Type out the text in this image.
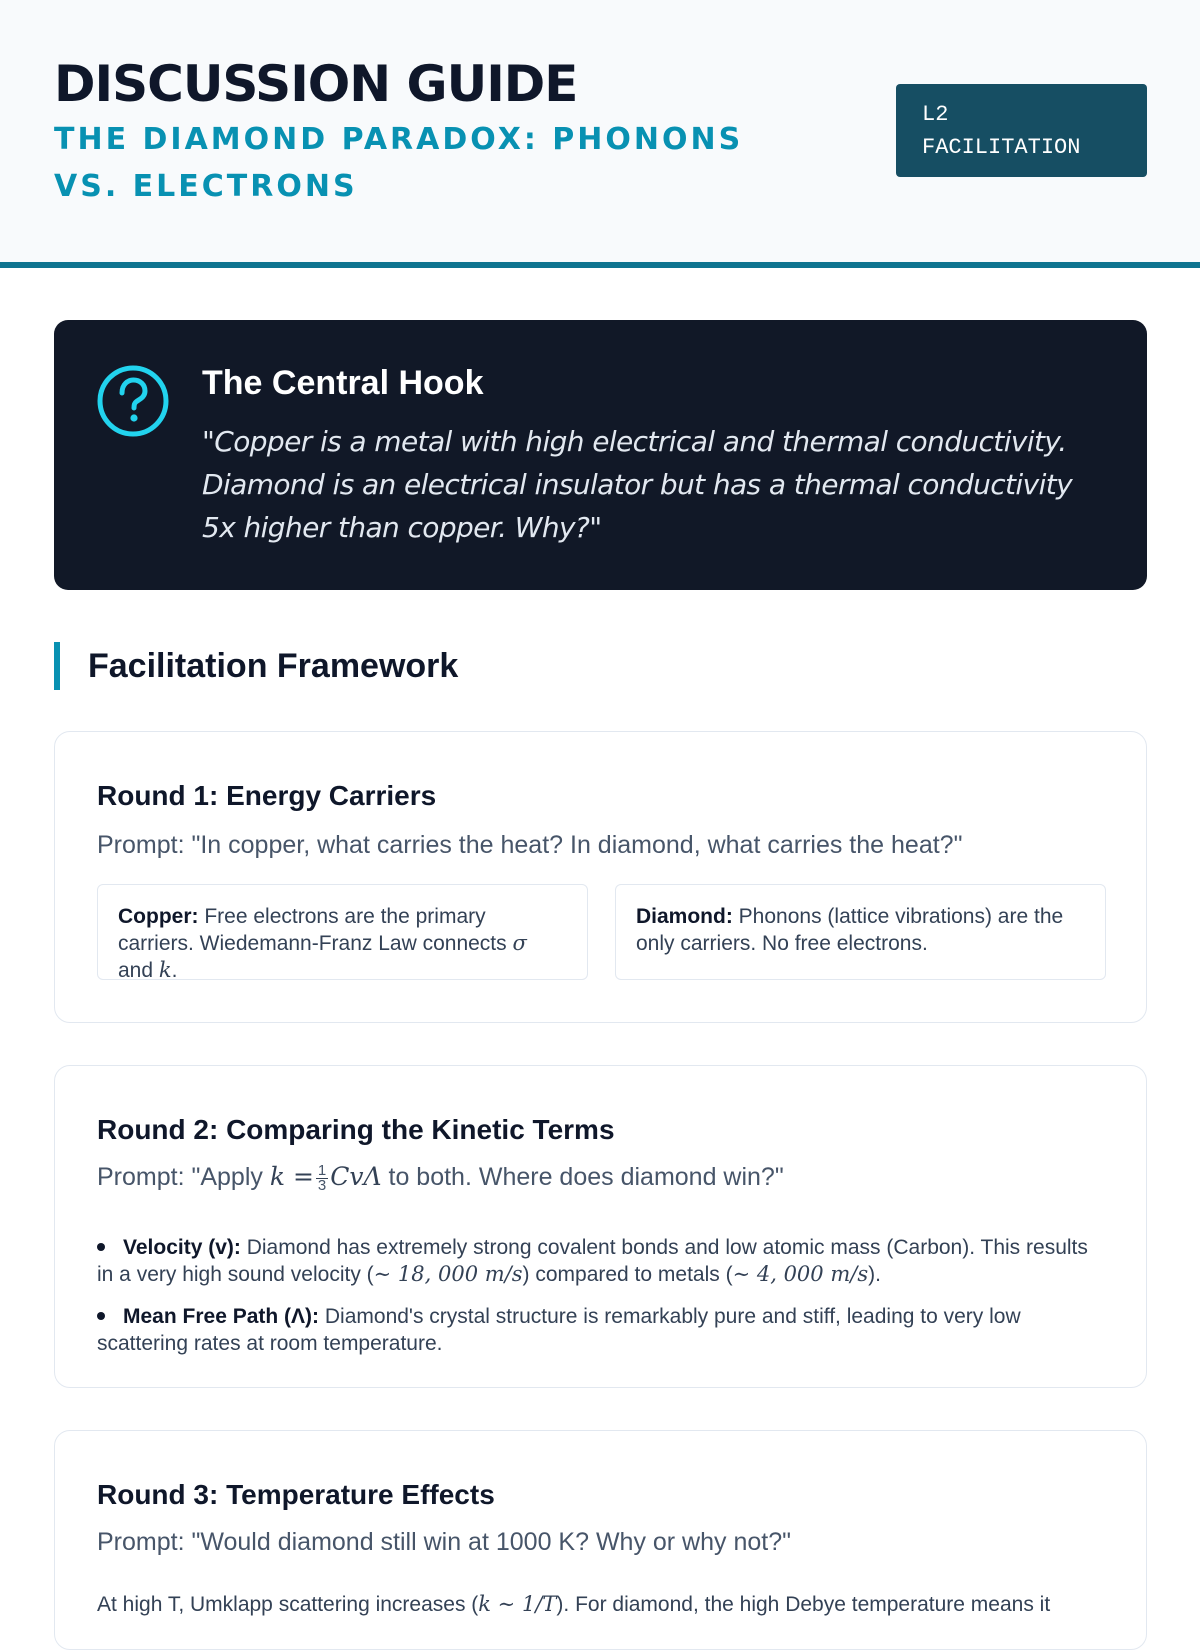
DISCUSSION GUIDE
THE DIAMOND PARADOX: PHONONS VS. ELECTRONS
L2
FACILITATION
The Central Hook
"Copper is a metal with high electrical and thermal conductivity. Diamond is an electrical insulator but has a thermal conductivity 5x higher than copper. Why?"
Facilitation Framework
Round 1: Energy Carriers
Prompt: "In copper, what carries the heat? In diamond, what carries the heat?"
Copper: Free electrons are the primary carriers. Wiedemann-Franz Law connects σ and k.
Diamond: Phonons (lattice vibrations) are the only carriers. No free electrons.
Round 2: Comparing the Kinetic Terms
Prompt: "Apply $k = \frac{1}{3}$ CvΛ to both. Where does diamond win?"
Velocity (v): Diamond has extremely strong covalent bonds and low atomic mass (Carbon). This results in a very high sound velocity (∼ 18, 000 m/s) compared to metals (∼ 4, 000 m/s).
Mean Free Path (Λ): Diamond's crystal structure is remarkably pure and stiff, leading to very low scattering rates at room temperature.
Round 3: Temperature Effects
Prompt: "Would diamond still win at 1000 K? Why or why not?"
At high T, Umklapp scattering increases (k ∼ 1/T). For diamond, the high Debye temperature means it
